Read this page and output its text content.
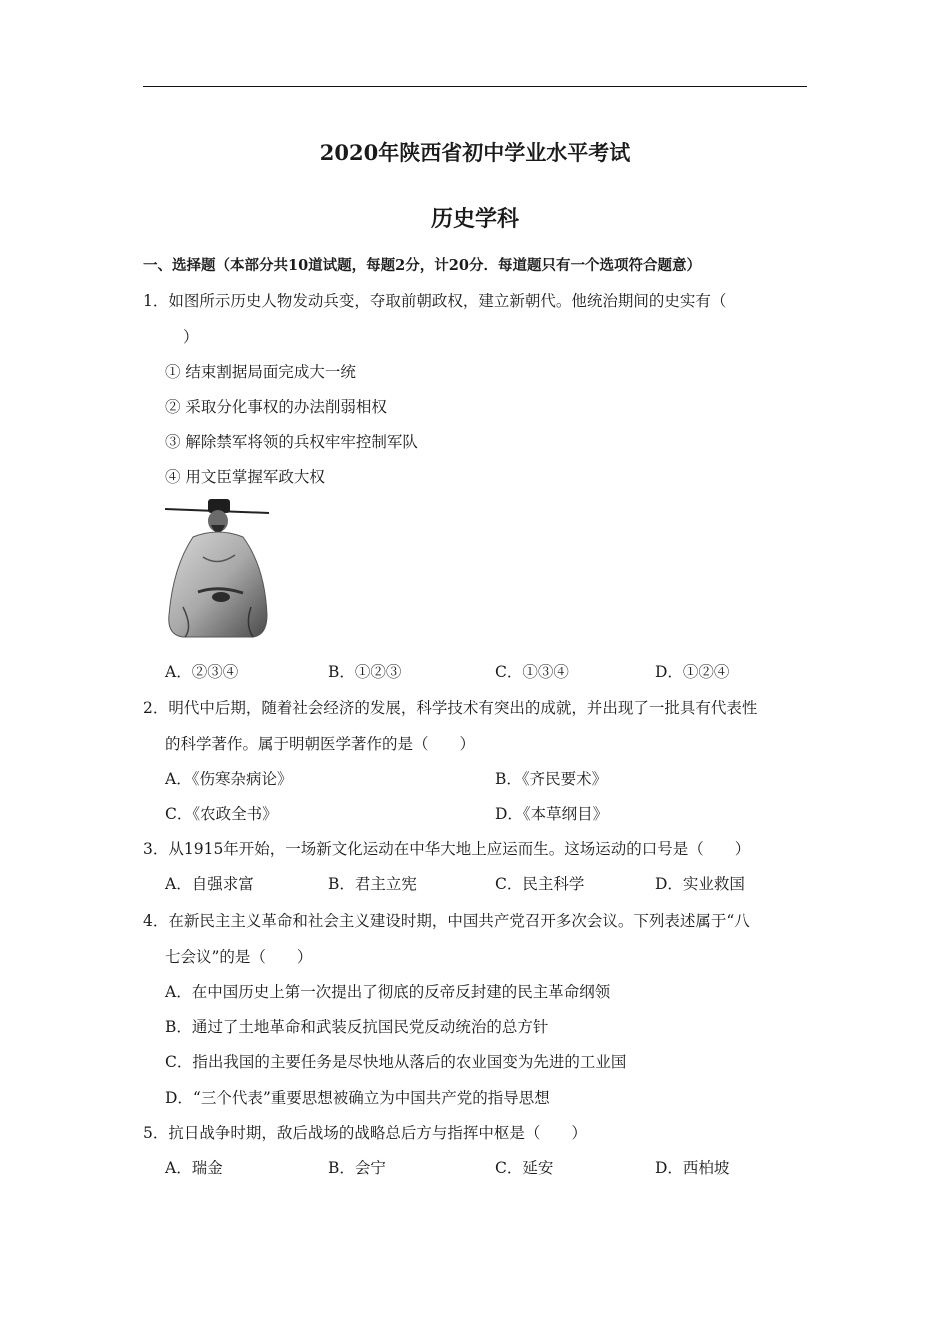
2020年陕西省初中学业水平考试
历史学科
一、选择题（本部分共10道试题，每题2分，计20分．每道题只有一个选项符合题意）
1．如图所示历史人物发动兵变，夺取前朝政权，建立新朝代。他统治期间的史实有（
）
① 结束割据局面完成大一统
② 采取分化事权的办法削弱相权
③ 解除禁军将领的兵权牢牢控制军队
④ 用文臣掌握军政大权
A．②③④	B．①②③	C．①③④	D．①②④
2．明代中后期，随着社会经济的发展，科学技术有突出的成就，并出现了一批具有代表性
的科学著作。属于明朝医学著作的是（　　）
A．《伤寒杂病论》	B．《齐民要术》
C．《农政全书》	D．《本草纲目》
3．从1915年开始，一场新文化运动在中华大地上应运而生。这场运动的口号是（　　）
A．自强求富	B．君主立宪	C．民主科学	D．实业救国
4．在新民主主义革命和社会主义建设时期，中国共产党召开多次会议。下列表述属于“八
七会议”的是（　　）
A．在中国历史上第一次提出了彻底的反帝反封建的民主革命纲领
B．通过了土地革命和武装反抗国民党反动统治的总方针
C．指出我国的主要任务是尽快地从落后的农业国变为先进的工业国
D．“三个代表”重要思想被确立为中国共产党的指导思想
5．抗日战争时期，敌后战场的战略总后方与指挥中枢是（　　）
A．瑞金	B．会宁	C．延安	D．西柏坡
